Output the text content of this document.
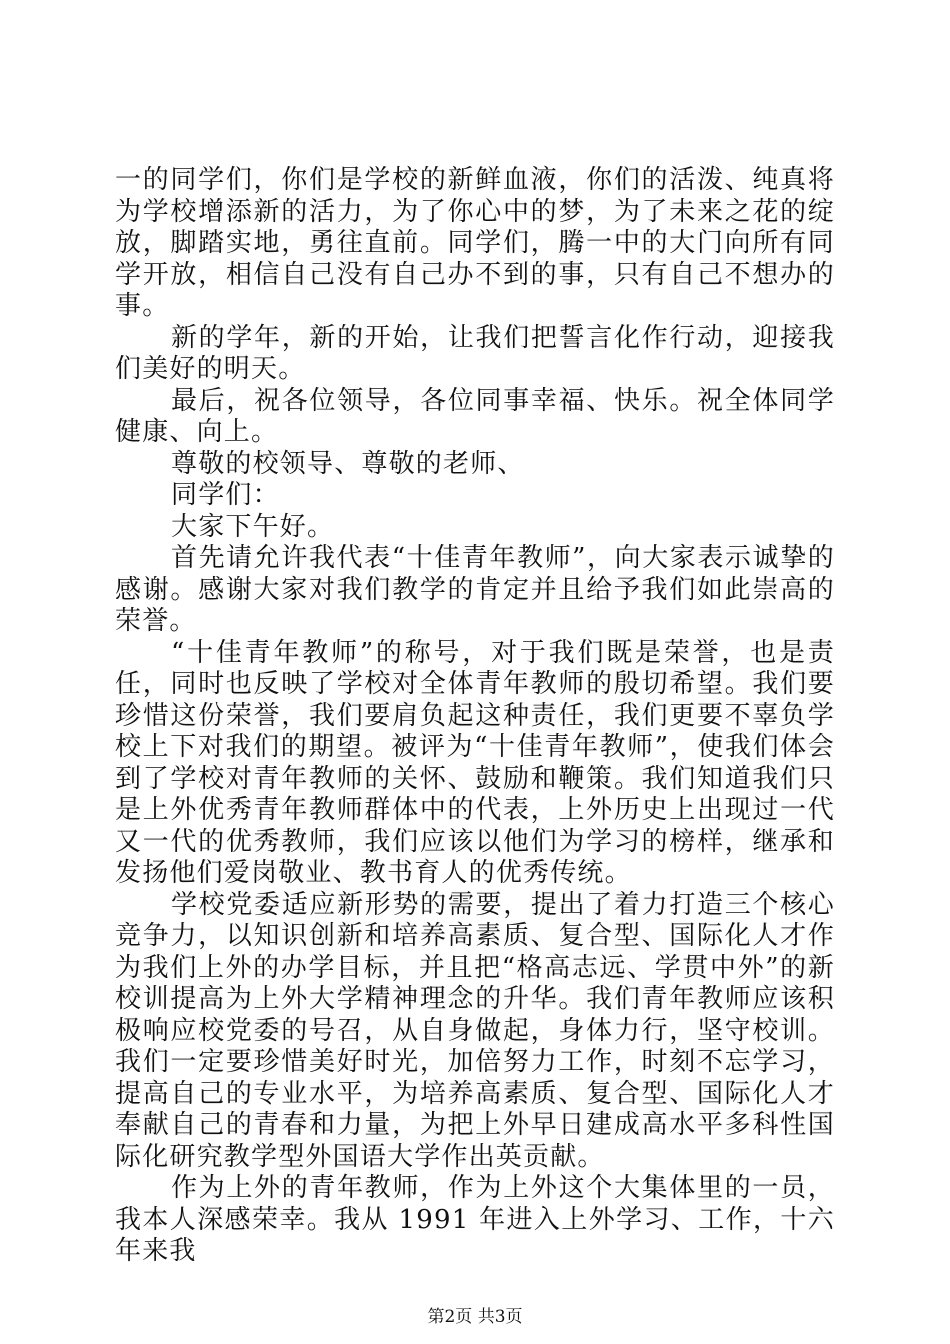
一的同学们，你们是学校的新鲜血液，你们的活泼、纯真将为学校增添新的活力，为了你心中的梦，为了未来之花的绽放，脚踏实地，勇往直前。同学们，腾一中的大门向所有同学开放，相信自己没有自己办不到的事，只有自己不想办的事。

新的学年，新的开始，让我们把誓言化作行动，迎接我们美好的明天。

最后，祝各位领导，各位同事幸福、快乐。祝全体同学健康、向上。

尊敬的校领导、尊敬的老师、

同学们：

大家下午好。

首先请允许我代表“十佳青年教师”，向大家表示诚挚的感谢。感谢大家对我们教学的肯定并且给予我们如此崇高的荣誉。

“十佳青年教师”的称号，对于我们既是荣誉，也是责任，同时也反映了学校对全体青年教师的殷切希望。我们要珍惜这份荣誉，我们要肩负起这种责任，我们更要不辜负学校上下对我们的期望。被评为“十佳青年教师”，使我们体会到了学校对青年教师的关怀、鼓励和鞭策。我们知道我们只是上外优秀青年教师群体中的代表，上外历史上出现过一代又一代的优秀教师，我们应该以他们为学习的榜样，继承和发扬他们爱岗敬业、教书育人的优秀传统。

学校党委适应新形势的需要，提出了着力打造三个核心竞争力，以知识创新和培养高素质、复合型、国际化人才作为我们上外的办学目标，并且把“格高志远、学贯中外”的新校训提高为上外大学精神理念的升华。我们青年教师应该积极响应校党委的号召，从自身做起，身体力行，坚守校训。我们一定要珍惜美好时光，加倍努力工作，时刻不忘学习，提高自己的专业水平，为培养高素质、复合型、国际化人才奉献自己的青春和力量，为把上外早日建成高水平多科性国际化研究教学型外国语大学作出英贡献。

作为上外的青年教师，作为上外这个大集体里的一员，我本人深感荣幸。我从 1991 年进入上外学习、工作，十六年来我

第2页 共3页
